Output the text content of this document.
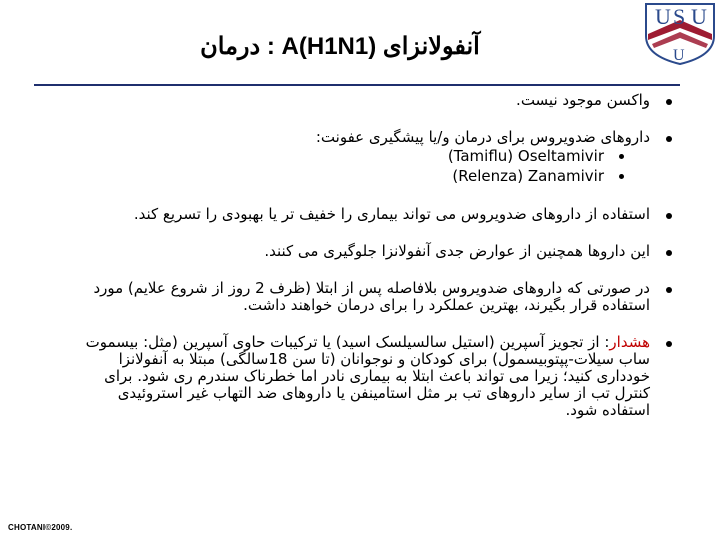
آنفولانزای A(H1N1) : درمان
U S U
U
واکسن موجود نیست.
داروهای ضدویروس برای درمان و/یا پیشگیری عفونت:
(Tamiflu) Oseltamivir
(Relenza) Zanamivir
استفاده از داروهای ضدویروس می تواند بیماری را خفیف تر یا بهبودی را تسریع کند.
این داروها همچنین از عوارض جدی آنفولانزا جلوگیری می کنند.
در صورتی که داروهای ضدویروس بلافاصله پس از ابتلا (ظرف 2 روز از شروع علایم) مورد استفاده قرار بگیرند، بهترین عملکرد را برای درمان خواهند داشت.
هشدار: از تجویز آسپرین (استیل سالسیلسک اسید) یا ترکیبات حاوی آسپرین (مثل: بیسموت ساب سیلات-پپتوبیسمول) برای کودکان و نوجوانان (تا سن 18سالگی) مبتلا به آنفولانزا خودداری کنید؛ زیرا می تواند باعث ابتلا به بیماری نادر اما خطرناک سندرم ری شود. برای کنترل تب از سایر داروهای تب بر مثل استامینفن یا داروهای ضد التهاب غیر استروئیدی استفاده شود.
CHOTANI©2009.
